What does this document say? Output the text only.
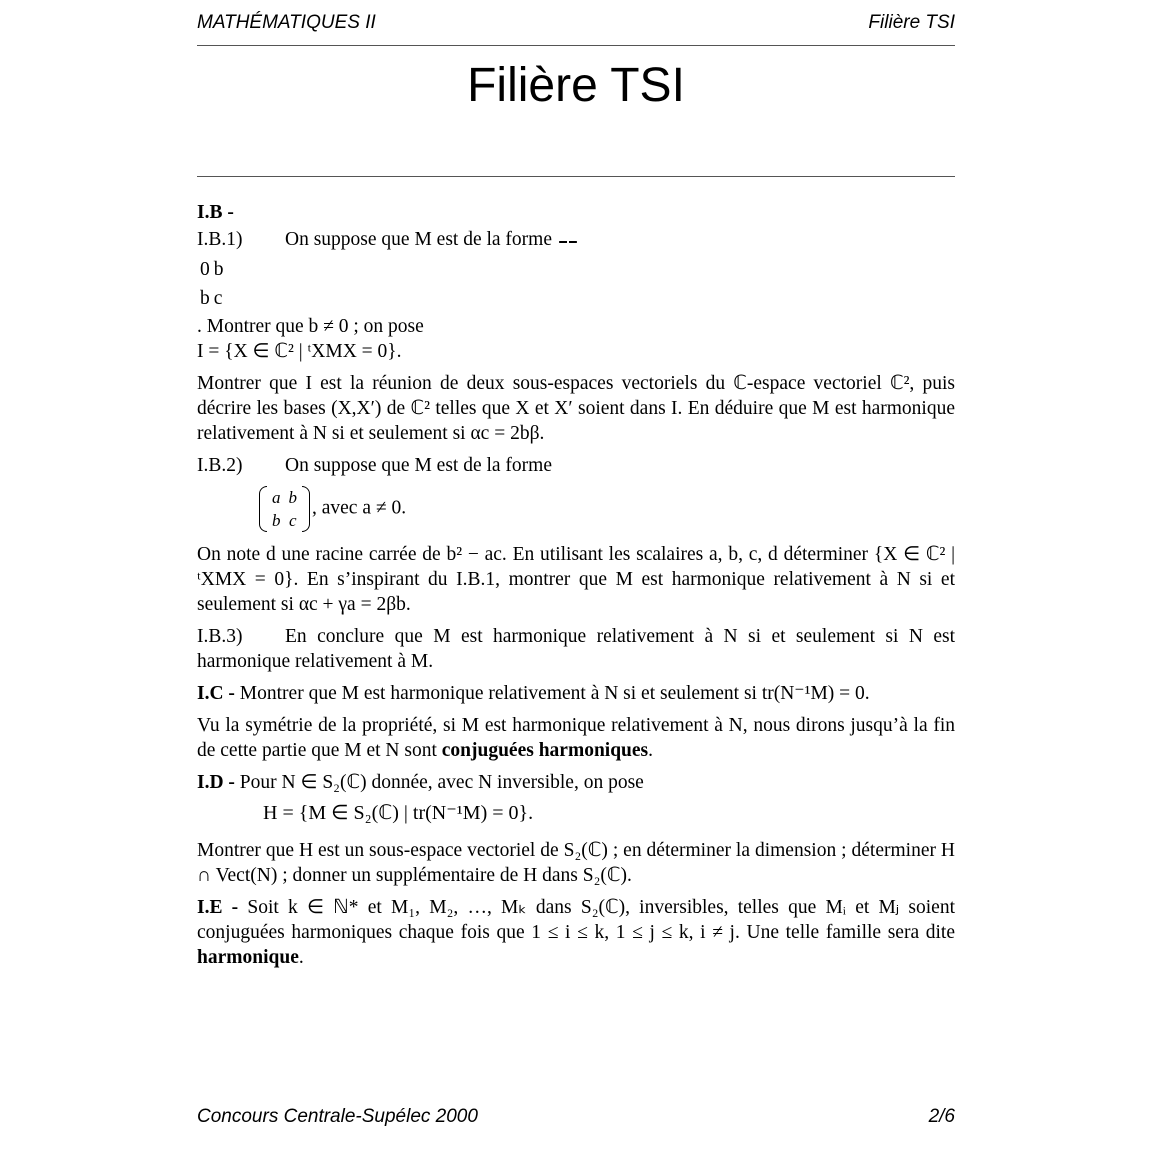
MATHÉMATIQUES II	Filière TSI
Filière TSI

I.B -

I.B.1) On suppose que M est de la forme

0	b
b	c
. Montrer que b ≠ 0 ; on pose
I = {X ∈ ℂ² | ᵗXMX = 0}.

Montrer que I est la réunion de deux sous-espaces vectoriels du ℂ-espace vectoriel ℂ², puis décrire les bases (X,X′) de ℂ² telles que X et X′ soient dans I. En déduire que M est harmonique relativement à N si et seulement si αc = 2bβ.

I.B.2) On suppose que M est de la forme

a	b
b	c
, avec a ≠ 0.

On note d une racine carrée de b² − ac. En utilisant les scalaires a, b, c, d déterminer {X ∈ ℂ² | ᵗXMX = 0}. En s’inspirant du I.B.1, montrer que M est harmonique relativement à N si et seulement si αc + γa = 2βb.

I.B.3) En conclure que M est harmonique relativement à N si et seulement si N est harmonique relativement à M.

I.C - Montrer que M est harmonique relativement à N si et seulement si tr(N⁻¹M) = 0.

Vu la symétrie de la propriété, si M est harmonique relativement à N, nous dirons jusqu’à la fin de cette partie que M et N sont conjuguées harmoniques.

I.D - Pour N ∈ S₂(ℂ) donnée, avec N inversible, on pose

H = {M ∈ S₂(ℂ) | tr(N⁻¹M) = 0}.

Montrer que H est un sous-espace vectoriel de S₂(ℂ) ; en déterminer la dimension ; déterminer H ∩ Vect(N) ; donner un supplémentaire de H dans S₂(ℂ).

I.E - Soit k ∈ ℕ* et M₁, M₂, …, Mₖ dans S₂(ℂ), inversibles, telles que Mᵢ et Mⱼ soient conjuguées harmoniques chaque fois que 1 ≤ i ≤ k, 1 ≤ j ≤ k, i ≠ j. Une telle famille sera dite harmonique.

Concours Centrale-Supélec 2000	2/6
